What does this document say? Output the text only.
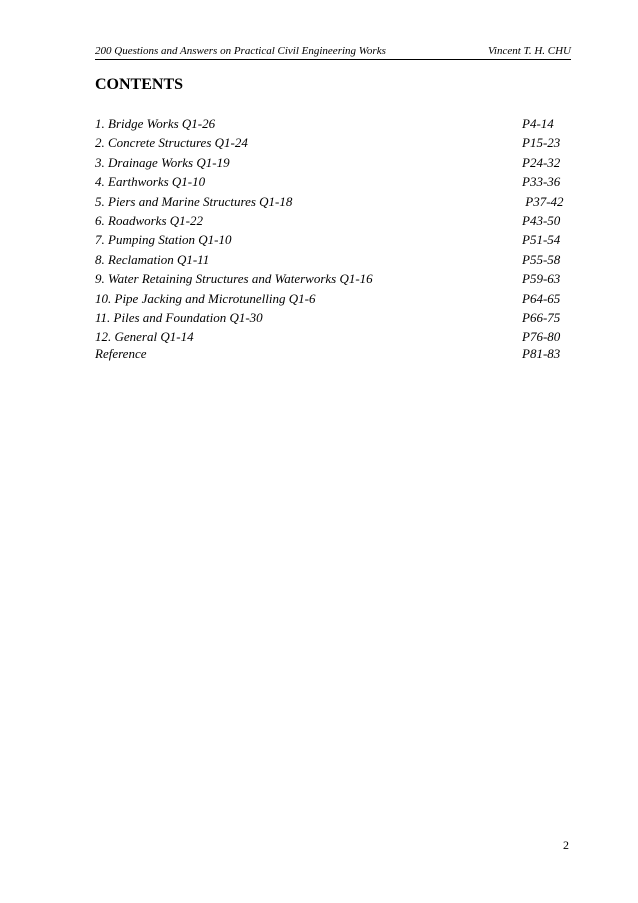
200 Questions and Answers on Practical Civil Engineering Works	Vincent T. H. CHU
CONTENTS
1. Bridge Works Q1-26	P4-14
2. Concrete Structures Q1-24	P15-23
3. Drainage Works Q1-19	P24-32
4. Earthworks Q1-10	P33-36
5. Piers and Marine Structures Q1-18	P37-42
6. Roadworks Q1-22	P43-50
7. Pumping Station Q1-10	P51-54
8. Reclamation Q1-11	P55-58
9. Water Retaining Structures and Waterworks Q1-16	P59-63
10. Pipe Jacking and Microtunelling Q1-6	P64-65
11. Piles and Foundation Q1-30	P66-75
12. General Q1-14	P76-80
Reference	P81-83
2
